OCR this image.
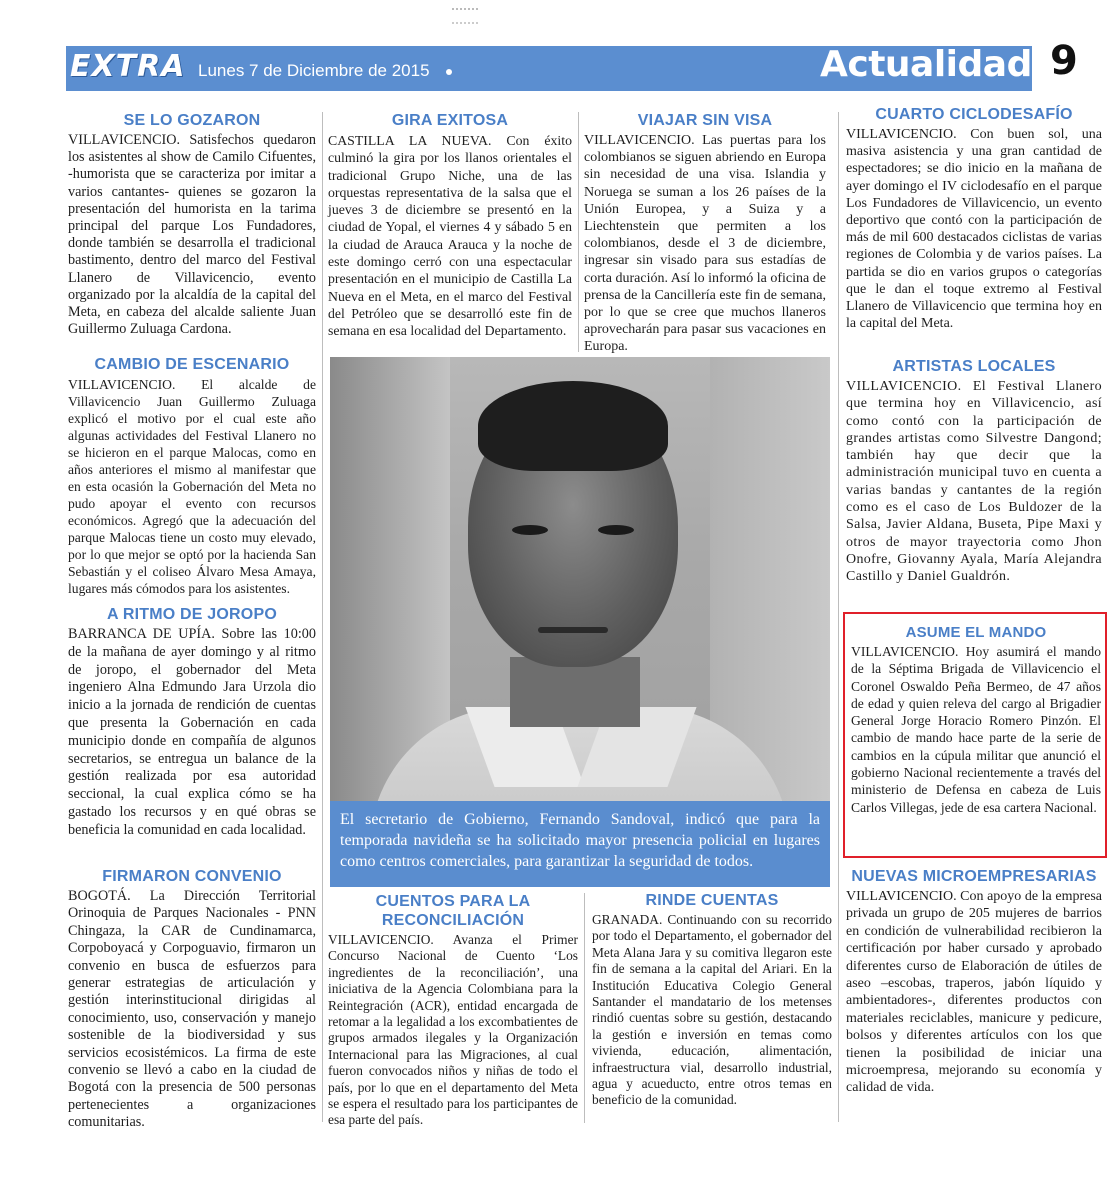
EXTRA Lunes 7 de Diciembre de 2015	Actualidad 9
SE LO GOZARON

VILLAVICENCIO. Satisfechos quedaron los asistentes al show de Camilo Cifuentes, -humorista que se caracteriza por imitar a varios cantantes- quienes se gozaron la presentación del humorista en la tarima principal del parque Los Fundadores, donde también se desarrolla el tradicional bastimento, dentro del marco del Festival Llanero de Villavicencio, evento organizado por la alcaldía de la capital del Meta, en cabeza del alcalde saliente Juan Guillermo Zuluaga Cardona.

CAMBIO DE ESCENARIO

VILLAVICENCIO. El alcalde de Villavicencio Juan Guillermo Zuluaga explicó el motivo por el cual este año algunas actividades del Festival Llanero no se hicieron en el parque Malocas, como en años anteriores el mismo al manifestar que en esta ocasión la Gobernación del Meta no pudo apoyar el evento con recursos económicos. Agregó que la adecuación del parque Malocas tiene un costo muy elevado, por lo que mejor se optó por la hacienda San Sebastián y el coliseo Álvaro Mesa Amaya, lugares más cómodos para los asistentes.

A RITMO DE JOROPO

BARRANCA DE UPÍA. Sobre las 10:00 de la mañana de ayer domingo y al ritmo de joropo, el gobernador del Meta ingeniero Alna Edmundo Jara Urzola dio inicio a la jornada de rendición de cuentas que presenta la Gobernación en cada municipio donde en compañía de algunos secretarios, se entregua un balance de la gestión realizada por esa autoridad seccional, la cual explica cómo se ha gastado los recursos y en qué obras se beneficia la comunidad en cada localidad.

FIRMARON CONVENIO

BOGOTÁ. La Dirección Territorial Orinoquia de Parques Nacionales - PNN Chingaza, la CAR de Cundinamarca, Corpoboyacá y Corpoguavio, firmaron un convenio en busca de esfuerzos para generar estrategias de articulación y gestión interinstitucional dirigidas al conocimiento, uso, conservación y manejo sostenible de la biodiversidad y sus servicios ecosistémicos. La firma de este convenio se llevó a cabo en la ciudad de Bogotá con la presencia de 500 personas pertenecientes a organizaciones comunitarias.

GIRA EXITOSA

CASTILLA LA NUEVA. Con éxito culminó la gira por los llanos orientales el tradicional Grupo Niche, una de las orquestas representativa de la salsa que el jueves 3 de diciembre se presentó en la ciudad de Yopal, el viernes 4 y sábado 5 en la ciudad de Arauca Arauca y la noche de este domingo cerró con una espectacular presentación en el municipio de Castilla La Nueva en el Meta, en el marco del Festival del Petróleo que se desarrolló este fin de semana en esa localidad del Departamento.

VIAJAR SIN VISA

VILLAVICENCIO. Las puertas para los colombianos se siguen abriendo en Europa sin necesidad de una visa. Islandia y Noruega se suman a los 26 países de la Unión Europea, y a Suiza y a Liechtenstein que permiten a los colombianos, desde el 3 de diciembre, ingresar sin visado para sus estadías de corta duración. Así lo informó la oficina de prensa de la Cancillería este fin de semana, por lo que se cree que muchos llaneros aprovecharán para pasar sus vacaciones en Europa.

El secretario de Gobierno, Fernando Sandoval, indicó que para la temporada navideña se ha solicitado mayor presencia policial en lugares como centros comerciales, para garantizar la seguridad de todos.

CUENTOS PARA LA RECONCILIACIÓN

VILLAVICENCIO. Avanza el Primer Concurso Nacional de Cuento ‘Los ingredientes de la reconciliación’, una iniciativa de la Agencia Colombiana para la Reintegración (ACR), entidad encargada de retomar a la legalidad a los excombatientes de grupos armados ilegales y la Organización Internacional para las Migraciones, al cual fueron convocados niños y niñas de todo el país, por lo que en el departamento del Meta se espera el resultado para los participantes de esa parte del país.

RINDE CUENTAS

GRANADA. Continuando con su recorrido por todo el Departamento, el gobernador del Meta Alana Jara y su comitiva llegaron este fin de semana a la capital del Ariari. En la Institución Educativa Colegio General Santander el mandatario de los metenses rindió cuentas sobre su gestión, destacando la gestión e inversión en temas como vivienda, educación, alimentación, infraestructura vial, desarrollo industrial, agua y acueducto, entre otros temas en beneficio de la comunidad.

CUARTO CICLODESAFÍO

VILLAVICENCIO. Con buen sol, una masiva asistencia y una gran cantidad de espectadores; se dio inicio en la mañana de ayer domingo el IV ciclodesafío en el parque Los Fundadores de Villavicencio, un evento deportivo que contó con la participación de más de mil 600 destacados ciclistas de varias regiones de Colombia y de varios países. La partida se dio en varios grupos o categorías que le dan el toque extremo al Festival Llanero de Villavicencio que termina hoy en la capital del Meta.

ARTISTAS LOCALES

VILLAVICENCIO. El Festival Llanero que termina hoy en Villavicencio, así como contó con la participación de grandes artistas como Silvestre Dangond; también hay que decir que la administración municipal tuvo en cuenta a varias bandas y cantantes de la región como es el caso de Los Buldozer de la Salsa, Javier Aldana, Buseta, Pipe Maxi y otros de mayor trayectoria como Jhon Onofre, Giovanny Ayala, María Alejandra Castillo y Daniel Gualdrón.

ASUME EL MANDO

VILLAVICENCIO. Hoy asumirá el mando de la Séptima Brigada de Villavicencio el Coronel Oswaldo Peña Bermeo, de 47 años de edad y quien releva del cargo al Brigadier General Jorge Horacio Romero Pinzón. El cambio de mando hace parte de la serie de cambios en la cúpula militar que anunció el gobierno Nacional recientemente a través del ministerio de Defensa en cabeza de Luis Carlos Villegas, jede de esa cartera Nacional.

NUEVAS MICROEMPRESARIAS

VILLAVICENCIO. Con apoyo de la empresa privada un grupo de 205 mujeres de barrios en condición de vulnerabilidad recibieron la certificación por haber cursado y aprobado diferentes curso de Elaboración de útiles de aseo –escobas, traperos, jabón líquido y ambientadores-, diferentes productos con materiales reciclables, manicure y pedicure, bolsos y diferentes artículos con los que tienen la posibilidad de iniciar una microempresa, mejorando su economía y calidad de vida.
